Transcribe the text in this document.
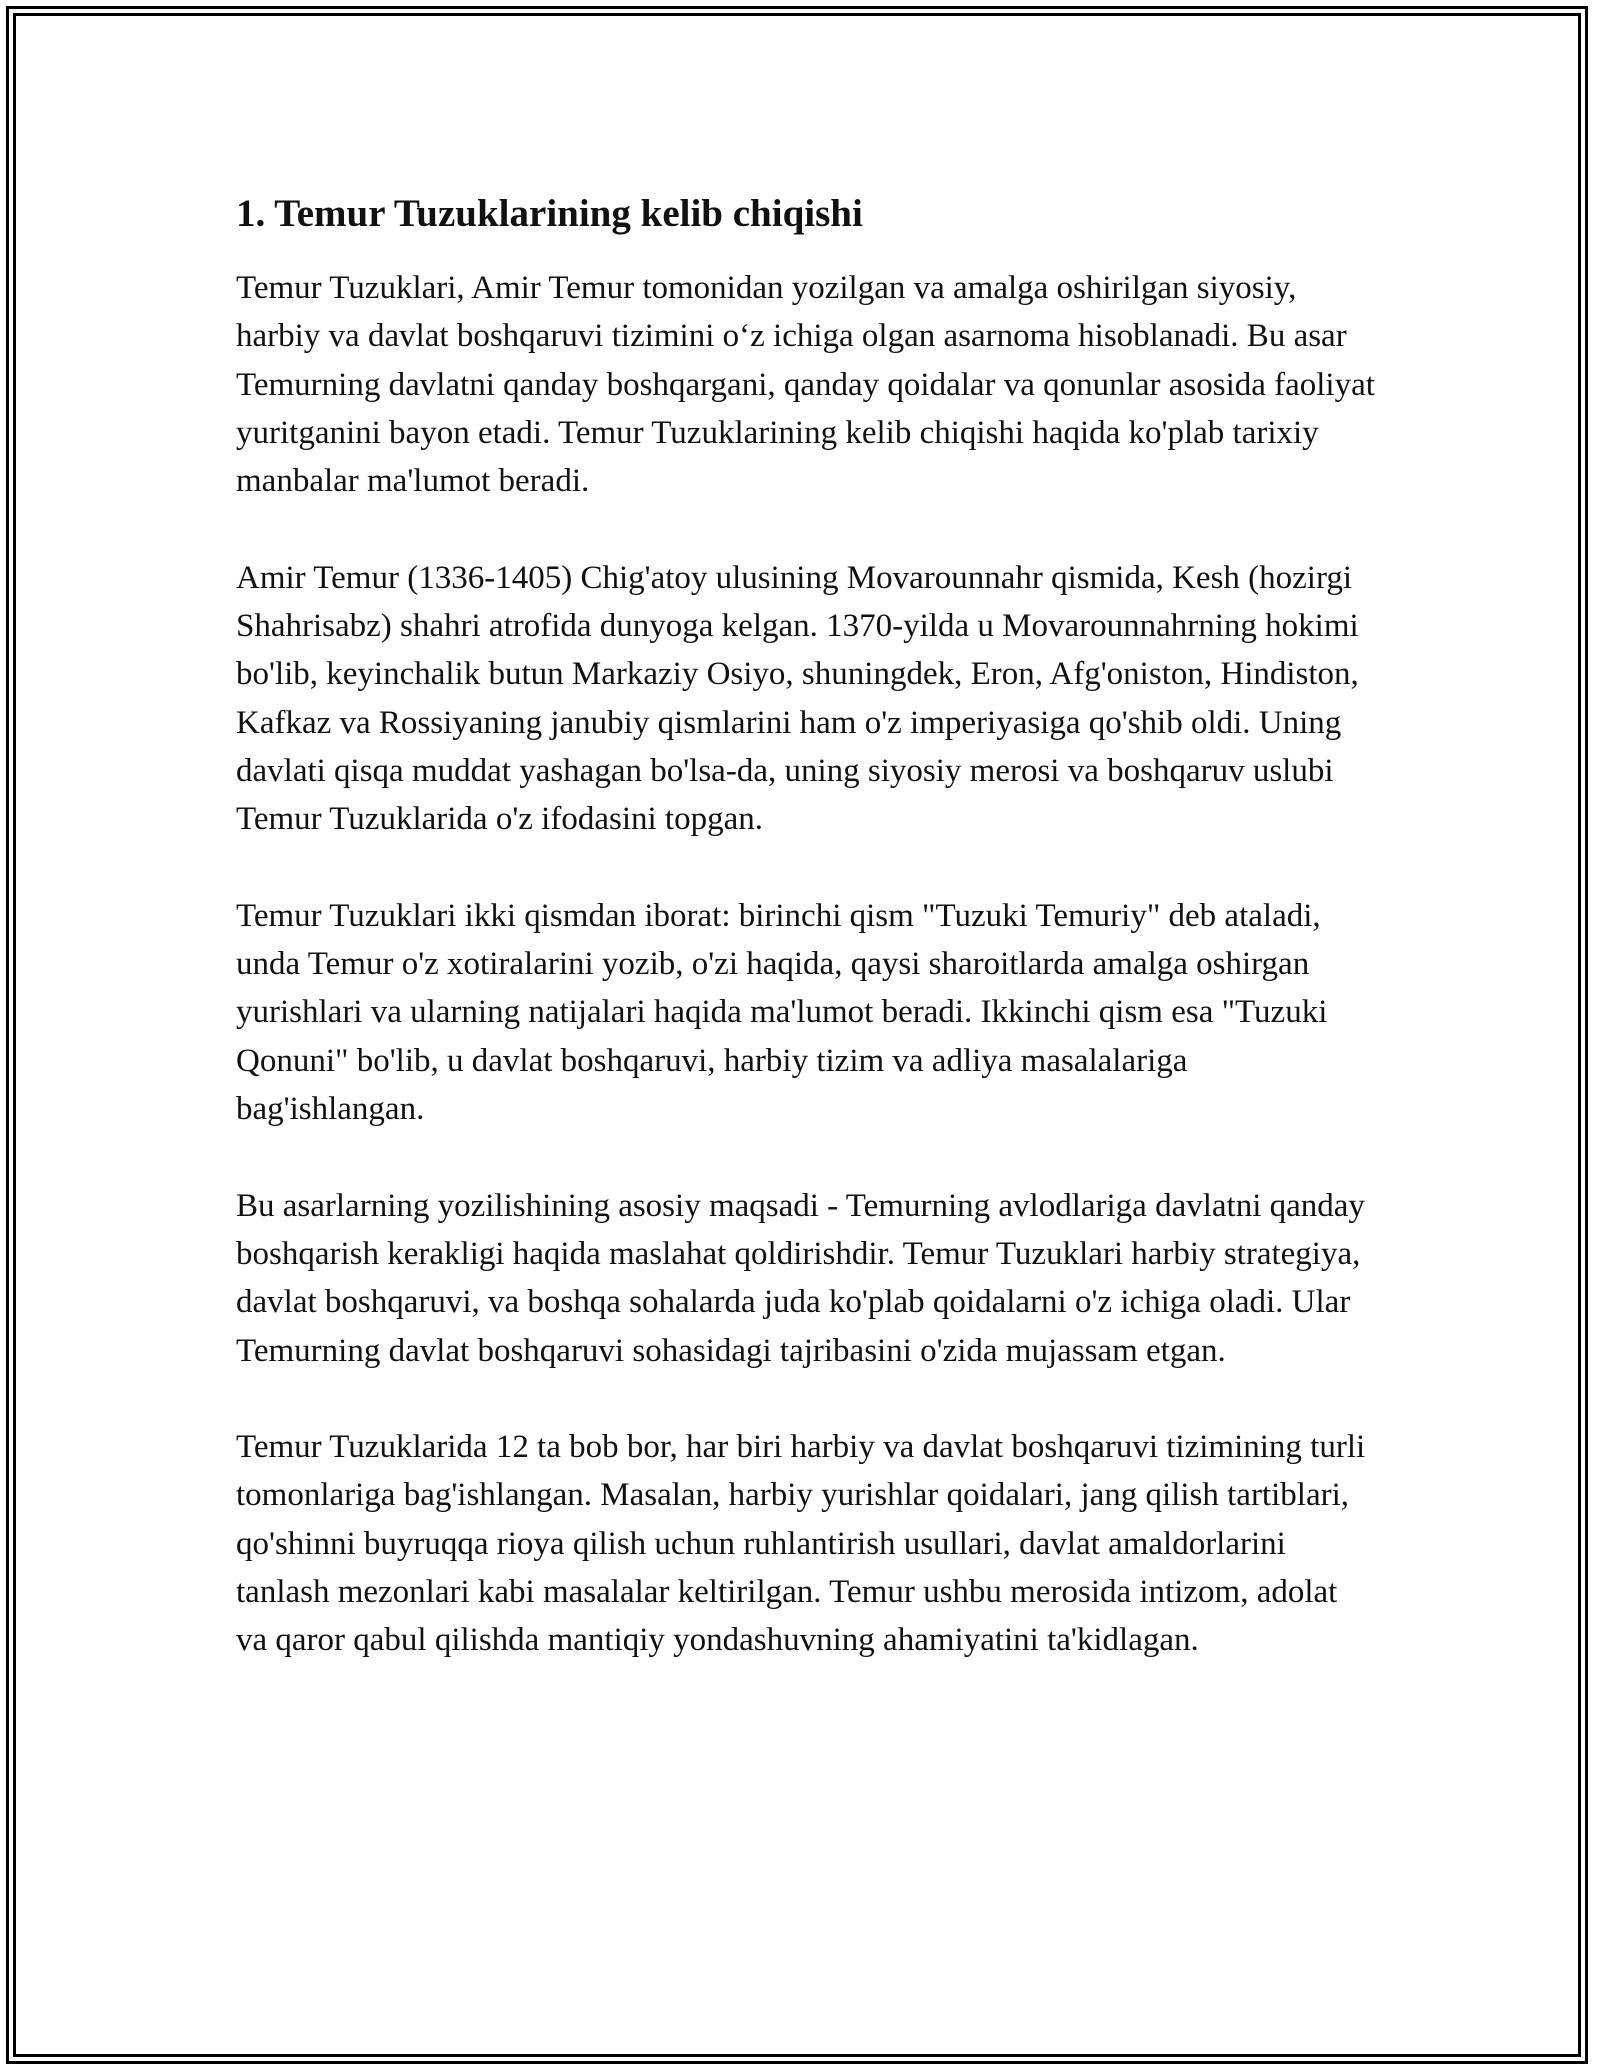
1. Temur Tuzuklarining kelib chiqishi

Temur Tuzuklari, Amir Temur tomonidan yozilgan va amalga oshirilgan siyosiy, harbiy va davlat boshqaruvi tizimini o‘z ichiga olgan asarnoma hisoblanadi. Bu asar Temurning davlatni qanday boshqargani, qanday qoidalar va qonunlar asosida faoliyat yuritganini bayon etadi. Temur Tuzuklarining kelib chiqishi haqida ko'plab tarixiy manbalar ma'lumot beradi.

Amir Temur (1336-1405) Chig'atoy ulusining Movarounnahr qismida, Kesh (hozirgi Shahrisabz) shahri atrofida dunyoga kelgan. 1370-yilda u Movarounnahrning hokimi bo'lib, keyinchalik butun Markaziy Osiyo, shuningdek, Eron, Afg'oniston, Hindiston, Kafkaz va Rossiyaning janubiy qismlarini ham o'z imperiyasiga qo'shib oldi. Uning davlati qisqa muddat yashagan bo'lsa-da, uning siyosiy merosi va boshqaruv uslubi Temur Tuzuklarida o'z ifodasini topgan.

Temur Tuzuklari ikki qismdan iborat: birinchi qism "Tuzuki Temuriy" deb ataladi, unda Temur o'z xotiralarini yozib, o'zi haqida, qaysi sharoitlarda amalga oshirgan yurishlari va ularning natijalari haqida ma'lumot beradi. Ikkinchi qism esa "Tuzuki Qonuni" bo'lib, u davlat boshqaruvi, harbiy tizim va adliya masalalariga bag'ishlangan.

Bu asarlarning yozilishining asosiy maqsadi - Temurning avlodlariga davlatni qanday boshqarish kerakligi haqida maslahat qoldirishdir. Temur Tuzuklari harbiy strategiya, davlat boshqaruvi, va boshqa sohalarda juda ko'plab qoidalarni o'z ichiga oladi. Ular Temurning davlat boshqaruvi sohasidagi tajribasini o'zida mujassam etgan.

Temur Tuzuklarida 12 ta bob bor, har biri harbiy va davlat boshqaruvi tizimining turli tomonlariga bag'ishlangan. Masalan, harbiy yurishlar qoidalari, jang qilish tartiblari, qo'shinni buyruqqa rioya qilish uchun ruhlantirish usullari, davlat amaldorlarini tanlash mezonlari kabi masalalar keltirilgan. Temur ushbu merosida intizom, adolat va qaror qabul qilishda mantiqiy yondashuvning ahamiyatini ta'kidlagan.
